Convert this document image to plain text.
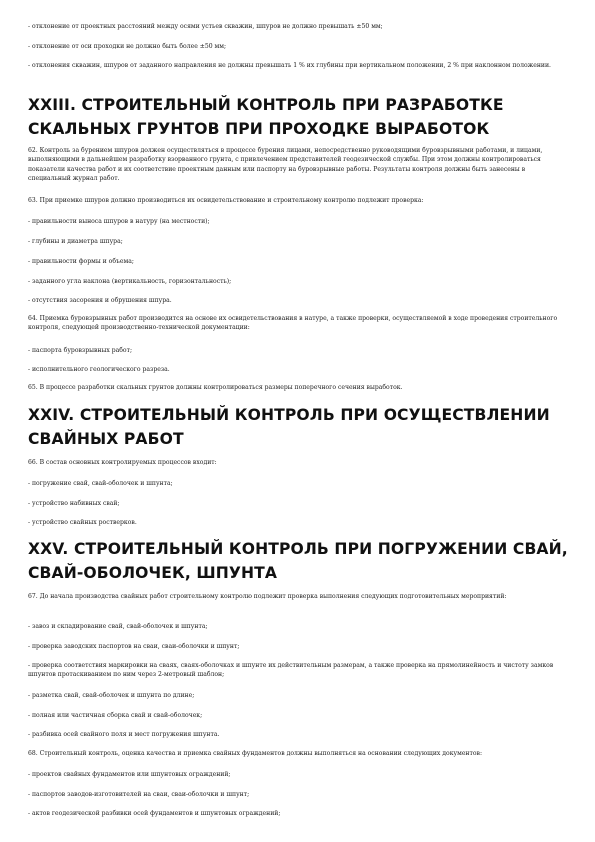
- отклонение от проектных расстояний между осями устьев скважин, шпуров не должно превышать ±50 мм;

- отклонение от оси проходки не должно быть более ±50 мм;

- отклонения скважин, шпуров от заданного направления не должны превышать 1 % их глубины при вертикальном положении, 2 % при наклонном положении.

XXIII. СТРОИТЕЛЬНЫЙ КОНТРОЛЬ ПРИ РАЗРАБОТКЕ СКАЛЬНЫХ ГРУНТОВ ПРИ ПРОХОДКЕ ВЫРАБОТОК

62. Контроль за бурением шпуров должен осуществляться в процессе бурения лицами, непосредственно руководящими буровзрывными работами, и лицами, выполняющими в дальнейшем разработку взорванного грунта, с привлечением представителей геодезической службы. При этом должны контролироваться показатели качества работ и их соответствие проектным данным или паспорту на буровзрывные работы. Результаты контроля должны быть занесены в специальный журнал работ.

63. При приемке шпуров должно производиться их освидетельствование и строительному контролю подлежит проверка:

- правильности выноса шпуров в натуру (на местности);

- глубины и диаметра шпура;

- правильности формы и объема;

- заданного угла наклона (вертикальность, горизонтальность);

- отсутствия засорения и обрушения шпура.

64. Приемка буровзрывных работ производится на основе их освидетельствования в натуре, а также проверки, осуществляемой в ходе проведения строительного контроля, следующей производственно-технической документации:

- паспорта буровзрывных работ;

- исполнительного геологического разреза.

65. В процессе разработки скальных грунтов должны контролироваться размеры поперечного сечения выработок.

XXIV. СТРОИТЕЛЬНЫЙ КОНТРОЛЬ ПРИ ОСУЩЕСТВЛЕНИИ СВАЙНЫХ РАБОТ

66. В состав основных контролируемых процессов входит:

- погружение свай, свай-оболочек и шпунта;

- устройство набивных свай;

- устройство свайных ростверков.

XXV. СТРОИТЕЛЬНЫЙ КОНТРОЛЬ ПРИ ПОГРУЖЕНИИ СВАЙ, СВАЙ-ОБОЛОЧЕК, ШПУНТА

67. До начала производства свайных работ строительному контролю подлежит проверка выполнения следующих подготовительных мероприятий:

- завоз и складирование свай, свай-оболочек и шпунта;

- проверка заводских паспортов на сваи, сваи-оболочки и шпунт;

- проверка соответствия маркировки на сваях, сваях-оболочках и шпунте их действительным размерам, а также проверка на прямолинейность и чистоту замков шпунтов протаскиванием по ним через 2-метровый шаблон;

- разметка свай, свай-оболочек и шпунта по длине;

- полная или частичная сборка свай и свай-оболочек;

- разбивка осей свайного поля и мест погружения шпунта.

68. Строительный контроль, оценка качества и приемка свайных фундаментов должны выполняться на основании следующих документов:

- проектов свайных фундаментов или шпунтовых ограждений;

- паспортов заводов-изготовителей на сваи, сваи-оболочки и шпунт;

- актов геодезической разбивки осей фундаментов и шпунтовых ограждений;
